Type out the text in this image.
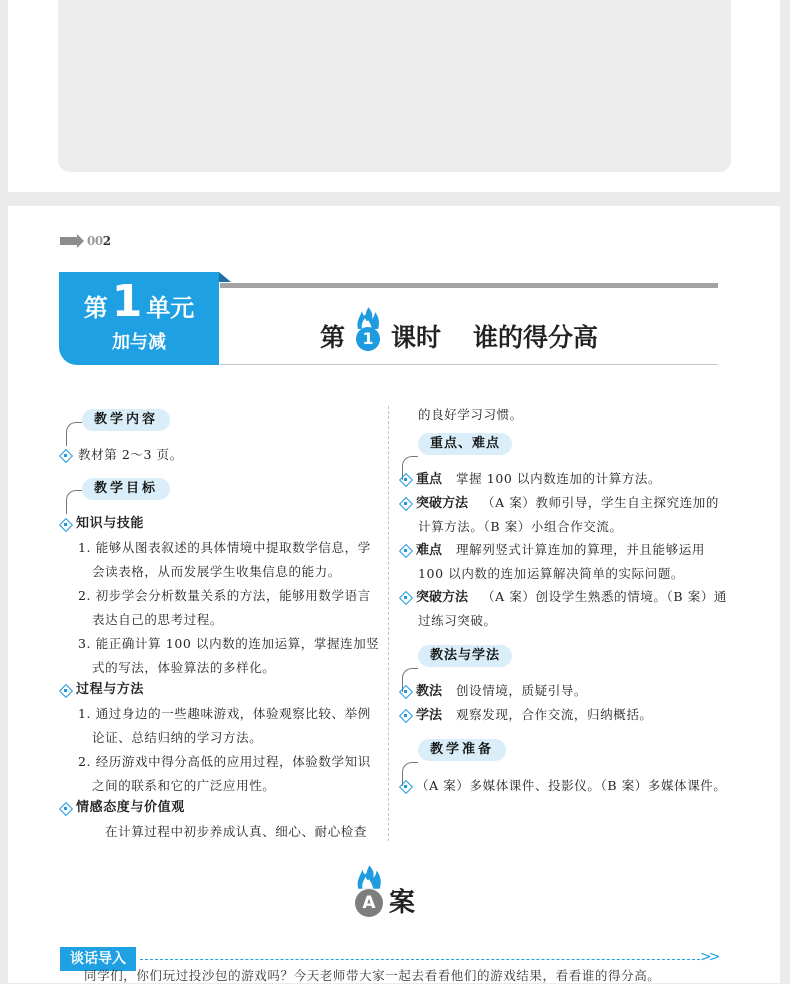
00 2
第 1 单元
加与减	第	1 课时 谁的得分高
教学内容
教材第 2～3 页。
教学目标
知识与技能
1. 能够从图表叙述的具体情境中提取数学信息，学
会读表格，从而发展学生收集信息的能力。
2. 初步学会分析数量关系的方法，能够用数学语言
表达自己的思考过程。
3. 能正确计算 100 以内数的连加运算，掌握连加竖
式的写法，体验算法的多样化。
过程与方法
1. 通过身边的一些趣味游戏，体验观察比较、举例
论证、总结归纳的学习方法。
2. 经历游戏中得分高低的应用过程，体验数学知识
之间的联系和它的广泛应用性。
情感态度与价值观
在计算过程中初步养成认真、细心、耐心检查
的良好学习习惯。
重点、难点
重点 掌握 100 以内数连加的计算方法。
突破方法 （A 案）教师引导，学生自主探究连加的
计算方法。（B 案）小组合作交流。
难点 理解列竖式计算连加的算理，并且能够运用
100 以内数的连加运算解决简单的实际问题。
突破方法 （A 案）创设学生熟悉的情境。（B 案）通
过练习突破。
教法与学法
教法 创设情境，质疑引导。
学法 观察发现，合作交流，归纳概括。
教学准备
（A 案）多媒体课件、投影仪。（B 案）多媒体课件。
A 案
谈话导入	>>
同学们，你们玩过投沙包的游戏吗？今天老师带大家一起去看看他们的游戏结果，看看谁的得分高。
